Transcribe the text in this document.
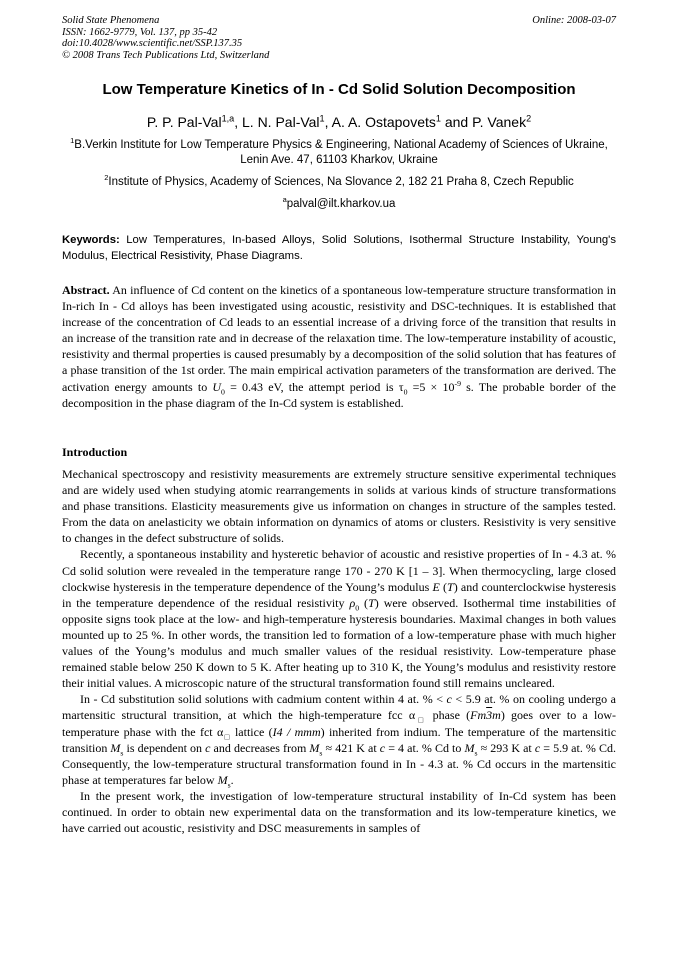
Solid State Phenomena
ISSN: 1662-9779, Vol. 137, pp 35-42
doi:10.4028/www.scientific.net/SSP.137.35
© 2008 Trans Tech Publications Ltd, Switzerland
Online: 2008-03-07
Low Temperature Kinetics of In - Cd Solid Solution Decomposition
P. P. Pal-Val$^{1,a}$, L. N. Pal-Val$^1$, A. A. Ostapovets$^1$ and P. Vanek$^2$
$^1$B.Verkin Institute for Low Temperature Physics & Engineering, National Academy of Sciences of Ukraine, Lenin Ave. 47, 61103 Kharkov, Ukraine
$^2$Institute of Physics, Academy of Sciences, Na Slovance 2, 182 21 Praha 8, Czech Republic
$^a$palval@ilt.kharkov.ua
Keywords: Low Temperatures, In-based Alloys, Solid Solutions, Isothermal Structure Instability, Young's Modulus, Electrical Resistivity, Phase Diagrams.
Abstract. An influence of Cd content on the kinetics of a spontaneous low-temperature structure transformation in In-rich In - Cd alloys has been investigated using acoustic, resistivity and DSC-techniques. It is established that increase of the concentration of Cd leads to an essential increase of a driving force of the transition that results in an increase of the transition rate and in decrease of the relaxation time. The low-temperature instability of acoustic, resistivity and thermal properties is caused presumably by a decomposition of the solid solution that has features of a phase transition of the 1st order. The main empirical activation parameters of the transformation are derived. The activation energy amounts to $U_0 = 0.43$ eV, the attempt period is $\tau_0 =5 \times 10^{-9}$ s. The probable border of the decomposition in the phase diagram of the In-Cd system is established.
Introduction

Mechanical spectroscopy and resistivity measurements are extremely structure sensitive experimental techniques and are widely used when studying atomic rearrangements in solids at various kinds of structure transformations and phase transitions. Elasticity measurements give us information on changes in structure of the samples tested. From the data on anelasticity we obtain information on dynamics of atoms or clusters. Resistivity is very sensitive to changes in the defect substructure of solids.

Recently, a spontaneous instability and hysteretic behavior of acoustic and resistive properties of In - 4.3 at. % Cd solid solution were revealed in the temperature range 170 - 270 K [1 – 3]. When thermocycling, large closed clockwise hysteresis in the temperature dependence of the Young’s modulus E (T) and counterclockwise hysteresis in the temperature dependence of the residual resistivity $\rho_0$ (T) were observed. Isothermal time instabilities of opposite signs took place at the low- and high-temperature hysteresis boundaries. Maximal changes in both values mounted up to 25 %. In other words, the transition led to formation of a low-temperature phase with much higher values of the Young’s modulus and much smaller values of the residual resistivity. Low-temperature phase remained stable below 250 K down to 5 K. After heating up to 310 K, the Young’s modulus and resistivity restore their initial values. A microscopic nature of the structural transformation found still remains uncleared.

In - Cd substitution solid solutions with cadmium content within 4 at. % < c < 5.9 at. % on cooling undergo a martensitic structural transition, at which the high-temperature fcc $\alpha_□$ phase (Fm3m) goes over to a low-temperature phase with the fct $\alpha_□$ lattice (I4 / mmm) inherited from indium. The temperature of the martensitic transition $M_s$ is dependent on c and decreases from $M_s \approx 421$ K at c = 4 at. % Cd to $M_s \approx 293$ K at c = 5.9 at. % Cd. Consequently, the low-temperature structural transformation found in In - 4.3 at. % Cd occurs in the martensitic phase at temperatures far below $M_s$.

In the present work, the investigation of low-temperature structural instability of In-Cd system has been continued. In order to obtain new experimental data on the transformation and its low-temperature kinetics, we have carried out acoustic, resistivity and DSC measurements in samples of
